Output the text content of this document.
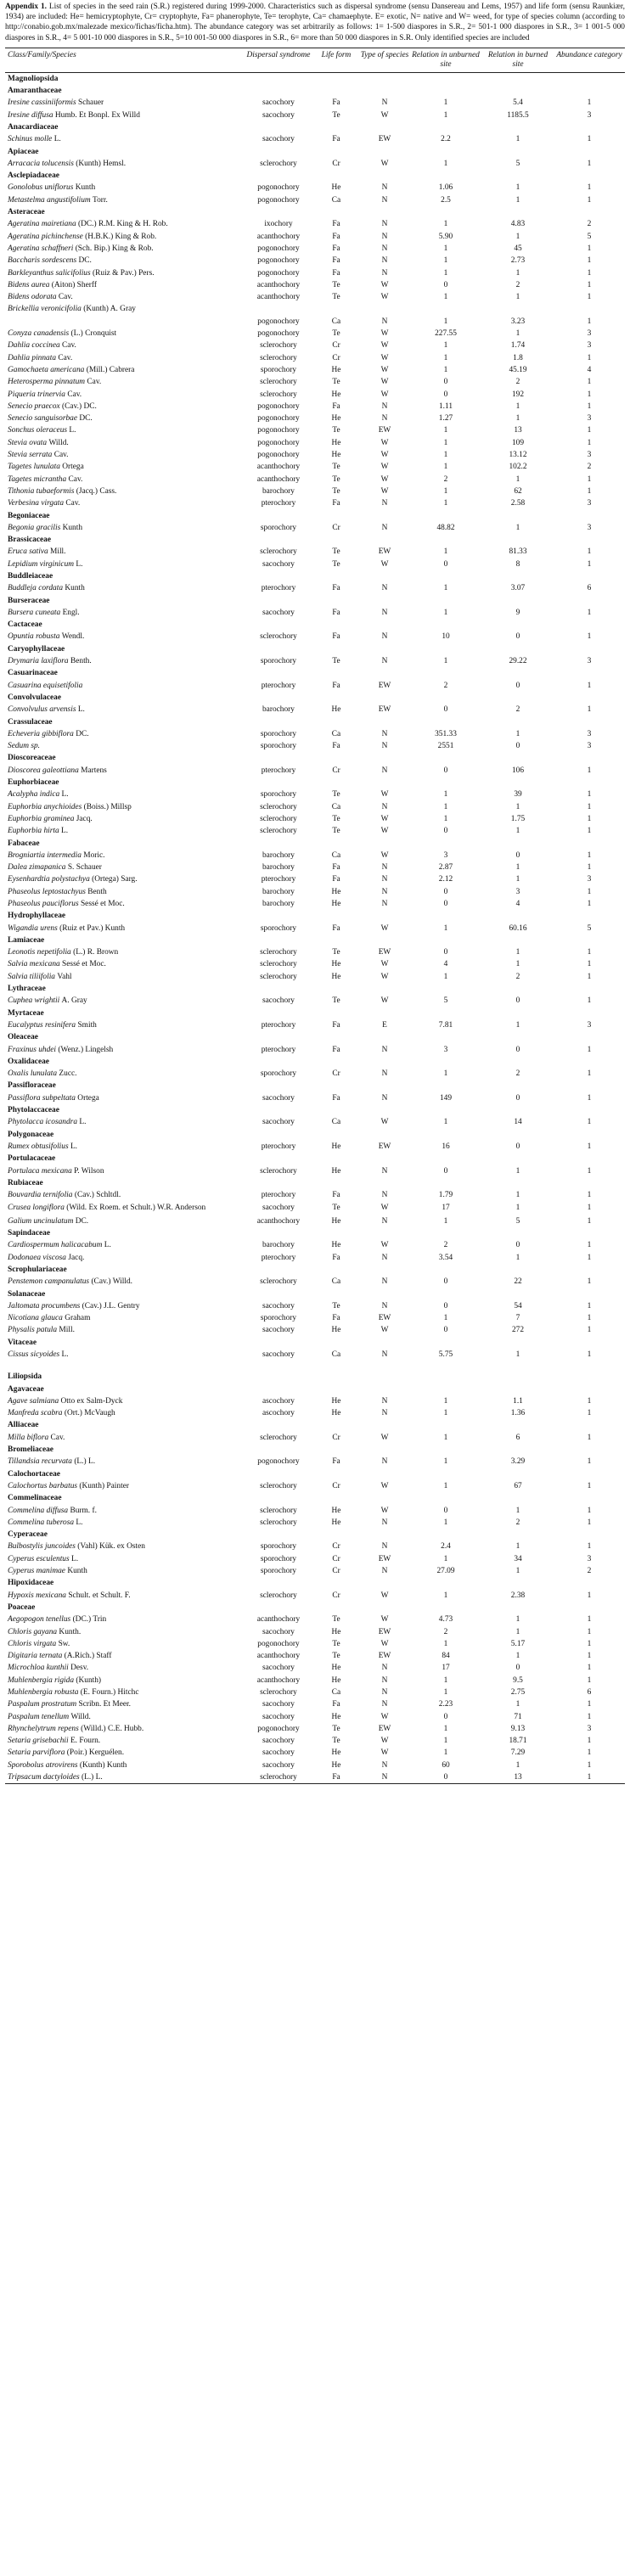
Appendix 1. List of species in the seed rain (S.R.) registered during 1999-2000. Characteristics such as dispersal syndrome (sensu Dansereau and Lems, 1957) and life form (sensu Raunkiær, 1934) are included: He= hemicryptophyte, Cr= cryptophyte, Fa= phanerophyte, Te= terophyte, Ca= chamaephyte. E= exotic, N= native and W= weed, for type of species column (according to http://conabio.gob.mx/malezade mexico/fichas/ficha.htm). The abundance category was set arbitrarily as follows: 1= 1-500 diaspores in S.R., 2= 501-1 000 diaspores in S.R., 3= 1 001-5 000 diaspores in S.R., 4= 5 001-10 000 diaspores in S.R., 5=10 001-50 000 diaspores in S.R., 6= more than 50 000 diaspores in S.R. Only identified species are included

Class/Family/Species	Dispersal syndrome	Life form	Type of species	Relation in unburned site	Relation in burned site	Abundance category
Magnoliopsida						
Amaranthaceae						
Iresine cassiniiformis Schauer	sacochory	Fa	N	1	5.4	1
Iresine diffusa Humb. Et Bonpl. Ex Willd	sacochory	Te	W	1	1185.5	3
Anacardiaceae						
Schinus molle L.	sacochory	Fa	EW	2.2	1	1
Apiaceae						
Arracacia tolucensis (Kunth) Hemsl.	sclerochory	Cr	W	1	5	1
Asclepiadaceae						
Gonolobus uniflorus Kunth	pogonochory	He	N	1.06	1	1
Metastelma angustifolium Torr.	pogonochory	Ca	N	2.5	1	1
Asteraceae						
Ageratina mairetiana (DC.) R.M. King & H. Rob.	ixochory	Fa	N	1	4.83	2
Ageratina pichinchense (H.B.K.) King & Rob.	acanthochory	Fa	N	5.90	1	5
Ageratina schaffneri (Sch. Bip.) King & Rob.	pogonochory	Fa	N	1	45	1
Baccharis sordescens DC.	pogonochory	Fa	N	1	2.73	1
Barkleyanthus salicifolius (Ruiz & Pav.) Pers.	pogonochory	Fa	N	1	1	1
Bidens aurea (Aiton) Sherff	acanthochory	Te	W	0	2	1
Bidens odorata Cav.	acanthochory	Te	W	1	1	1
Brickellia veronicifolia (Kunth) A. Gray						
	pogonochory	Ca	N	1	3.23	1
Conyza canadensis (L.) Cronquist	pogonochory	Te	W	227.55	1	3
Dahlia coccinea Cav.	sclerochory	Cr	W	1	1.74	3
Dahlia pinnata Cav.	sclerochory	Cr	W	1	1.8	1
Gamochaeta americana (Mill.) Cabrera	sporochory	He	W	1	45.19	4
Heterosperma pinnatum Cav.	sclerochory	Te	W	0	2	1
Piqueria trinervia Cav.	sclerochory	He	W	0	192	1
Senecio praecox (Cav.) DC.	pogonochory	Fa	N	1.11	1	1
Senecio sanguisorbae DC.	pogonochory	He	N	1.27	1	3
Sonchus oleraceus L.	pogonochory	Te	EW	1	13	1
Stevia ovata Willd.	pogonochory	He	W	1	109	1
Stevia serrata Cav.	pogonochory	He	W	1	13.12	3
Tagetes lunulata Ortega	acanthochory	Te	W	1	102.2	2
Tagetes micrantha Cav.	acanthochory	Te	W	2	1	1
Tithonia tubaeformis (Jacq.) Cass.	barochory	Te	W	1	62	1
Verbesina virgata Cav.	pterochory	Fa	N	1	2.58	3
Begoniaceae						
Begonia gracilis Kunth	sporochory	Cr	N	48.82	1	3
Brassicaceae						
Eruca sativa Mill.	sclerochory	Te	EW	1	81.33	1
Lepidium virginicum L.	sacochory	Te	W	0	8	1
Buddleiaceae						
Buddleja cordata Kunth	pterochory	Fa	N	1	3.07	6
Burseraceae						
Bursera cuneata Engl.	sacochory	Fa	N	1	9	1
Cactaceae						
Opuntia robusta Wendl.	sclerochory	Fa	N	10	0	1
Caryophyllaceae						
Drymaria laxiflora Benth.	sporochory	Te	N	1	29.22	3
Casuarinaceae						
Casuarina equisetifolia	pterochory	Fa	EW	2	0	1
Convolvulaceae						
Convolvulus arvensis L.	barochory	He	EW	0	2	1
Crassulaceae						
Echeveria gibbiflora DC.	sporochory	Ca	N	351.33	1	3
Sedum sp.	sporochory	Fa	N	2551	0	3
Dioscoreaceae						
Dioscorea galeottiana Martens	pterochory	Cr	N	0	106	1
Euphorbiaceae						
Acalypha indica L.	sporochory	Te	W	1	39	1
Euphorbia anychioides (Boiss.) Millsp	sclerochory	Ca	N	1	1	1
Euphorbia graminea Jacq.	sclerochory	Te	W	1	1.75	1
Euphorbia hirta L.	sclerochory	Te	W	0	1	1
Fabaceae						
Brogniartia intermedia Moric.	barochory	Ca	W	3	0	1
Dalea zimapanica S. Schauer	barochory	Fa	N	2.87	1	1
Eysenhardtia polystachya (Ortega) Sarg.	pterochory	Fa	N	2.12	1	3
Phaseolus leptostachyus Benth	barochory	He	N	0	3	1
Phaseolus pauciflorus Sessé et Moc.	barochory	He	N	0	4	1
Hydrophyllaceae						
Wigandia urens (Ruiz et Pav.) Kunth	sporochory	Fa	W	1	60.16	5
Lamiaceae						
Leonotis nepetifolia (L.) R. Brown	sclerochory	Te	EW	0	1	1
Salvia mexicana Sessé et Moc.	sclerochory	He	W	4	1	1
Salvia tiliifolia Vahl	sclerochory	He	W	1	2	1
Lythraceae						
Cuphea wrightii A. Gray	sacochory	Te	W	5	0	1
Myrtaceae						
Eucalyptus resinifera Smith	pterochory	Fa	E	7.81	1	3
Oleaceae						
Fraxinus uhdei (Wenz.) Lingelsh	pterochory	Fa	N	3	0	1
Oxalidaceae						
Oxalis lunulata Zucc.	sporochory	Cr	N	1	2	1
Passifloraceae						
Passiflora subpeltata Ortega	sacochory	Fa	N	149	0	1
Phytolaccaceae						
Phytolacca icosandra L.	sacochory	Ca	W	1	14	1
Polygonaceae						
Rumex obtusifolius L.	pterochory	He	EW	16	0	1
Portulacaceae						
Portulaca mexicana P. Wilson	sclerochory	He	N	0	1	1
Rubiaceae						
Bouvardia ternifolia (Cav.) Schltdl.	pterochory	Fa	N	1.79	1	1
Crusea longiflora (Wild. Ex Roem. et Schult.) W.R. Anderson	sacochory	Te	W	17	1	1
Galium uncinulatum DC.	acanthochory	He	N	1	5	1
Sapindaceae						
Cardiospermum halicacabum L.	barochory	He	W	2	0	1
Dodonaea viscosa Jacq.	pterochory	Fa	N	3.54	1	1
Scrophulariaceae						
Penstemon campanulatus (Cav.) Willd.	sclerochory	Ca	N	0	22	1
Solanaceae						
Jaltomata procumbens (Cav.) J.L. Gentry	sacochory	Te	N	0	54	1
Nicotiana glauca Graham	sporochory	Fa	EW	1	7	1
Physalis patula Mill.	sacochory	He	W	0	272	1
Vitaceae						
Cissus sicyoides L.	sacochory	Ca	N	5.75	1	1

Liliopsida						
Agavaceae						
Agave salmiana Otto ex Salm-Dyck	ascochory	He	N	1	1.1	1
Manfreda scabra (Ort.) McVaugh	ascochory	He	N	1	1.36	1
Alliaceae						
Milla biflora Cav.	sclerochory	Cr	W	1	6	1
Bromeliaceae						
Tillandsia recurvata (L.) L.	pogonochory	Fa	N	1	3.29	1
Calochortaceae						
Calochortus barbatus (Kunth) Painter	sclerochory	Cr	W	1	67	1
Commelinaceae						
Commelina diffusa Burm. f.	sclerochory	He	W	0	1	1
Commelina tuberosa L.	sclerochory	He	N	1	2	1
Cyperaceae						
Bulbostylis juncoides (Vahl) Kük. ex Osten	sporochory	Cr	N	2.4	1	1
Cyperus esculentus L.	sporochory	Cr	EW	1	34	3
Cyperus manimae Kunth	sporochory	Cr	N	27.09	1	2
Hipoxidaceae						
Hypoxis mexicana Schult. et Schult. F.	sclerochory	Cr	W	1	2.38	1
Poaceae						
Aegopogon tenellus (DC.) Trin	acanthochory	Te	W	4.73	1	1
Chloris gayana Kunth.	sacochory	He	EW	2	1	1
Chloris virgata Sw.	pogonochory	Te	W	1	5.17	1
Digitaria ternata (A.Rich.) Staff	acanthochory	Te	EW	84	1	1
Microchloa kunthii Desv.	sacochory	He	N	17	0	1
Muhlenbergia rigida (Kunth)	acanthochory	He	N	1	9.5	1
Muhlenbergia robusta (E. Fourn.) Hitchc	sclerochory	Ca	N	1	2.75	6
Paspalum prostratum Scribn. Et Meer.	sacochory	Fa	N	2.23	1	1
Paspalum tenellum Willd.	sacochory	He	W	0	71	1
Rhynchelytrum repens (Willd.) C.E. Hubb.	pogonochory	Te	EW	1	9.13	3
Setaria grisebachii E. Fourn.	sacochory	Te	W	1	18.71	1
Setaria parviflora (Poir.) Kerguélen.	sacochory	He	W	1	7.29	1
Sporobolus atrovirens (Kunth) Kunth	sacochory	He	N	60	1	1
Tripsacum dactyloides (L.) L.	sclerochory	Fa	N	0	13	1
